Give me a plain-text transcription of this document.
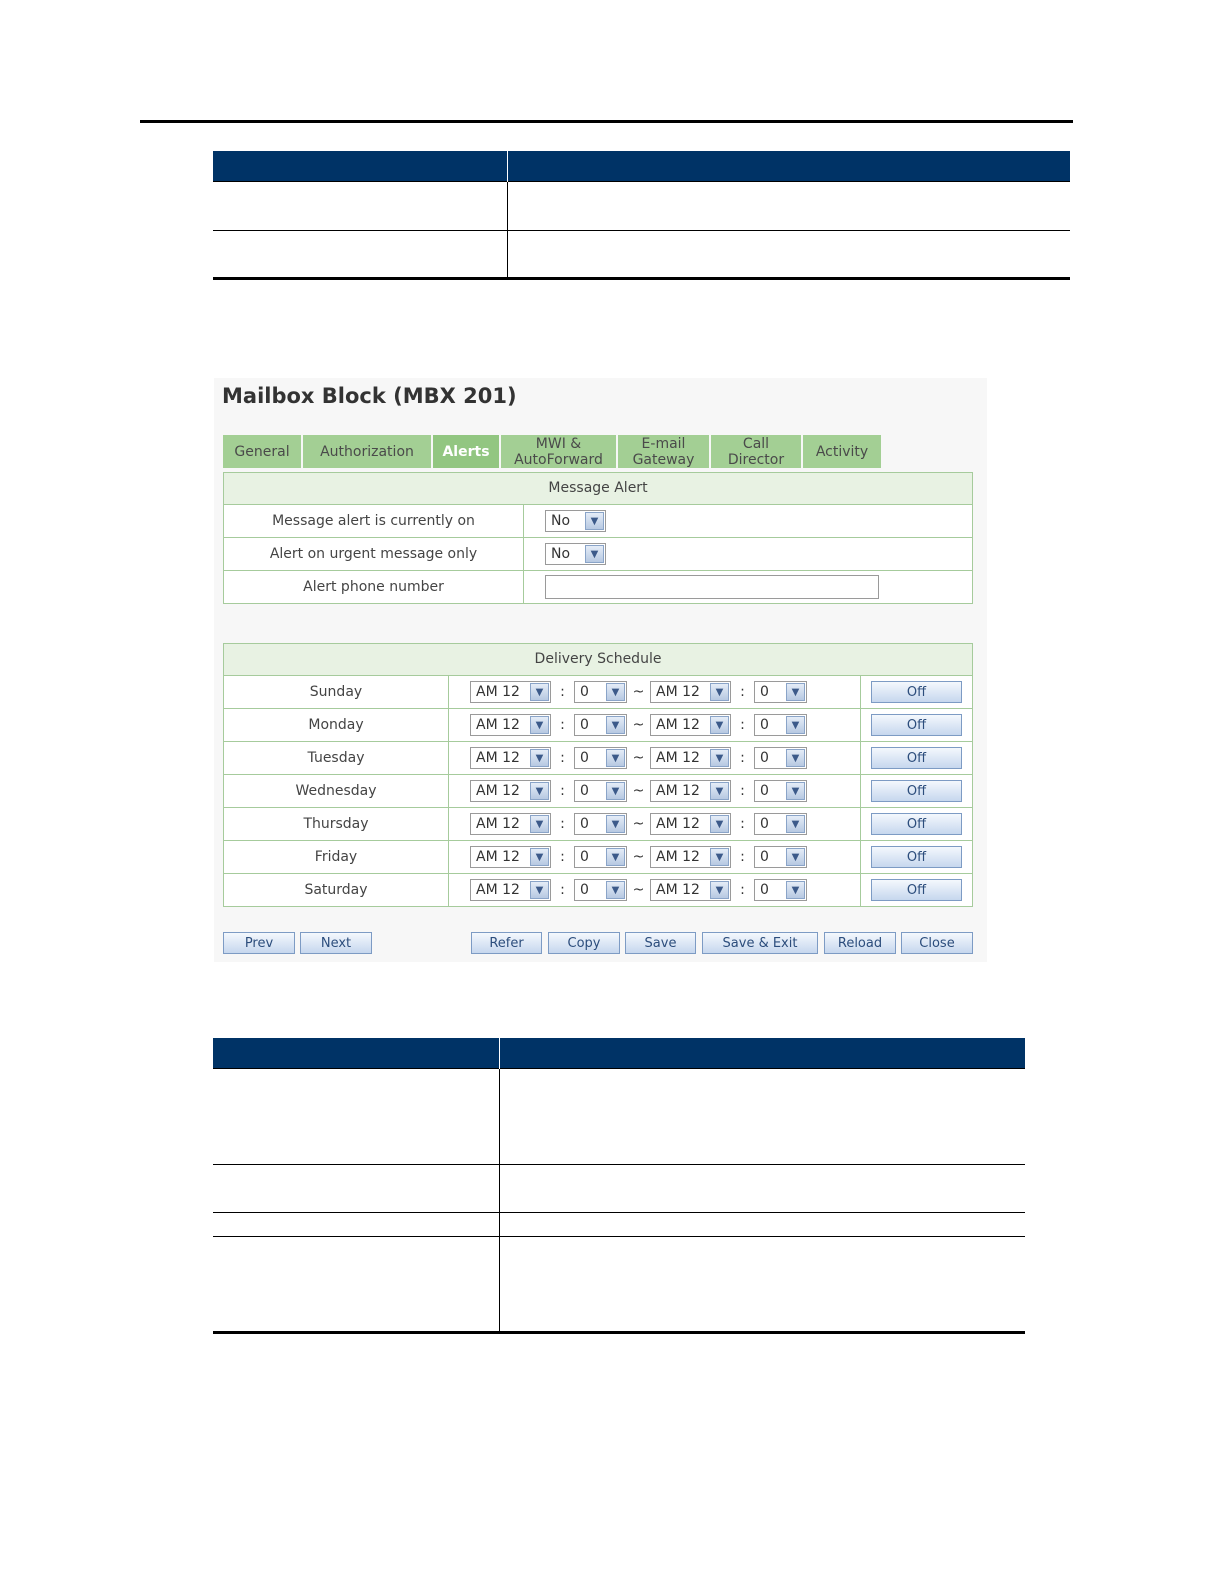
Mailbox Block (MBX 201)
General	Authorization	Alerts	MWI & AutoForward
E-mail Gateway
Call Director	Activity
Message Alert
Message alert is currently on	No	▼
Alert on urgent message only	No	▼
Alert phone number
Delivery Schedule
Sunday	AM 12	▼	:	0	▼ ~ AM 12	▼	:	0	▼	Off
Monday	AM 12	▼	:	0	▼ ~ AM 12	▼	:	0	▼	Off
Tuesday	AM 12	▼	:	0	▼ ~ AM 12	▼	:	0	▼	Off
Wednesday	AM 12	▼	:	0	▼ ~ AM 12	▼	:	0	▼	Off
Thursday	AM 12	▼	:	0	▼ ~ AM 12	▼	:	0	▼	Off
Friday	AM 12	▼	:	0	▼ ~ AM 12	▼	:	0	▼	Off
Saturday	AM 12	▼	:	0	▼ ~ AM 12	▼	:	0	▼	Off
Prev	Next	Refer	Copy	Save	Save & Exit	Reload	Close
